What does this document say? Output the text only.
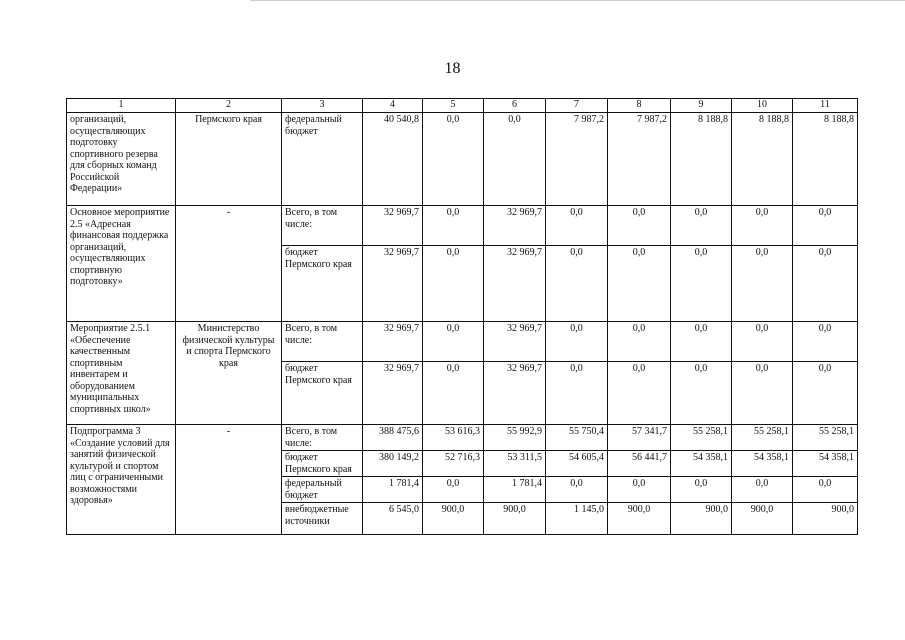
18
1	2	3	4	5	6	7	8	9	10	11
организаций, осуществляющих подготовку спортивного резерва для сборных команд Российской Федерации»	Пермского края	федеральный бюджет	40 540,8	0,0	0,0	7 987,2	7 987,2	8 188,8	8 188,8	8 188,8
Основное мероприятие 2.5 «Адресная финансовая поддержка организаций, осуществляющих спортивную подготовку»	-	Всего, в том числе:	32 969,7	0,0	32 969,7	0,0	0,0	0,0	0,0	0,0
		бюджет Пермского края	32 969,7	0,0	32 969,7	0,0	0,0	0,0	0,0	0,0
Мероприятие 2.5.1 «Обеспечение качественным спортивным инвентарем и оборудованием муниципальных спортивных школ»	Министерство физической культуры и спорта Пермского края	Всего, в том числе:	32 969,7	0,0	32 969,7	0,0	0,0	0,0	0,0	0,0
		бюджет Пермского края	32 969,7	0,0	32 969,7	0,0	0,0	0,0	0,0	0,0
Подпрограмма 3 «Создание условий для занятий физической культурой и спортом лиц с ограниченными возможностями здоровья»	-	Всего, в том числе:	388 475,6	53 616,3	55 992,9	55 750,4	57 341,7	55 258,1	55 258,1	55 258,1
		бюджет Пермского края	380 149,2	52 716,3	53 311,5	54 605,4	56 441,7	54 358,1	54 358,1	54 358,1
		федеральный бюджет	1 781,4	0,0	1 781,4	0,0	0,0	0,0	0,0	0,0
		внебюджетные источники	6 545,0	900,0	900,0	1 145,0	900,0	900,0	900,0	900,0
